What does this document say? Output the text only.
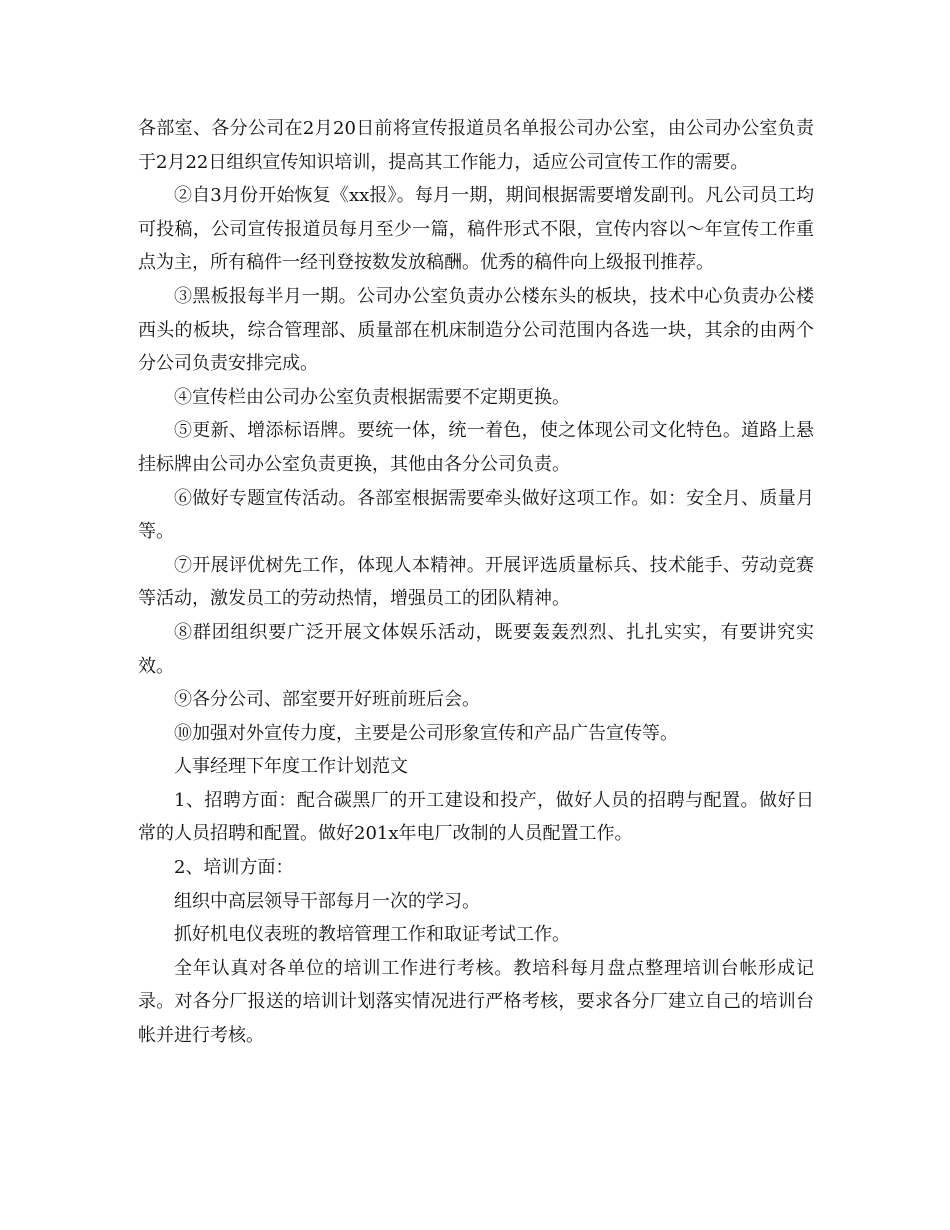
各部室、各分公司在2月20日前将宣传报道员名单报公司办公室，由公司办公室负责于2月22日组织宣传知识培训，提高其工作能力，适应公司宣传工作的需要。

②自3月份开始恢复《xx报》。每月一期，期间根据需要增发副刊。凡公司员工均可投稿，公司宣传报道员每月至少一篇，稿件形式不限，宣传内容以～年宣传工作重点为主，所有稿件一经刊登按数发放稿酬。优秀的稿件向上级报刊推荐。

③黑板报每半月一期。公司办公室负责办公楼东头的板块，技术中心负责办公楼西头的板块，综合管理部、质量部在机床制造分公司范围内各选一块，其余的由两个分公司负责安排完成。

④宣传栏由公司办公室负责根据需要不定期更换。

⑤更新、增添标语牌。要统一体，统一着色，使之体现公司文化特色。道路上悬挂标牌由公司办公室负责更换，其他由各分公司负责。

⑥做好专题宣传活动。各部室根据需要牵头做好这项工作。如：安全月、质量月等。

⑦开展评优树先工作，体现人本精神。开展评选质量标兵、技术能手、劳动竞赛等活动，激发员工的劳动热情，增强员工的团队精神。

⑧群团组织要广泛开展文体娱乐活动，既要轰轰烈烈、扎扎实实，有要讲究实效。

⑨各分公司、部室要开好班前班后会。

⑩加强对外宣传力度，主要是公司形象宣传和产品广告宣传等。

人事经理下年度工作计划范文

1、招聘方面：配合碳黑厂的开工建设和投产，做好人员的招聘与配置。做好日常的人员招聘和配置。做好201x年电厂改制的人员配置工作。

2、培训方面：

组织中高层领导干部每月一次的学习。

抓好机电仪表班的教培管理工作和取证考试工作。

全年认真对各单位的培训工作进行考核。教培科每月盘点整理培训台帐形成记录。对各分厂报送的培训计划落实情况进行严格考核，要求各分厂建立自己的培训台帐并进行考核。
